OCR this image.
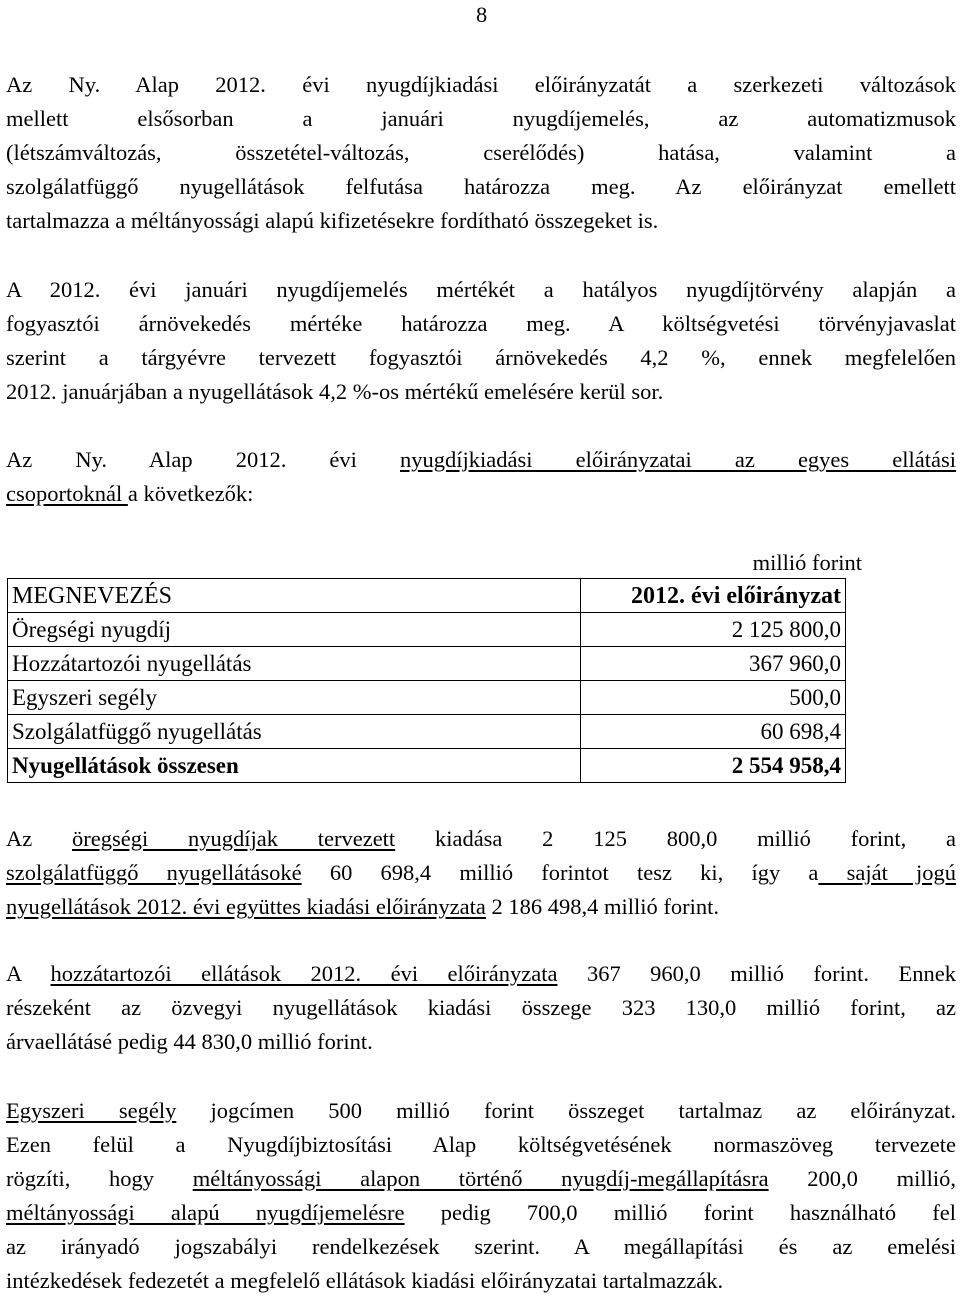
8
Az Ny. Alap 2012. évi nyugdíjkiadási előirányzatát a szerkezeti változások
mellett elsősorban a januári nyugdíjemelés, az automatizmusok
(létszámváltozás, összetétel-változás, cserélődés) hatása, valamint a
szolgálatfüggő nyugellátások felfutása határozza meg. Az előirányzat emellett
tartalmazza a méltányossági alapú kifizetésekre fordítható összegeket is.
A 2012. évi januári nyugdíjemelés mértékét a hatályos nyugdíjtörvény alapján a
fogyasztói árnövekedés mértéke határozza meg. A költségvetési törvényjavaslat
szerint a tárgyévre tervezett fogyasztói árnövekedés 4,2 %, ennek megfelelően
2012. januárjában a nyugellátások 4,2 %-os mértékű emelésére kerül sor.
Az Ny. Alap 2012. évi nyugdíjkiadási előirányzatai az egyes ellátási
csoportoknál a következők:
millió forint
MEGNEVEZÉS	2012. évi előirányzat
Öregségi nyugdíj	2 125 800,0
Hozzátartozói nyugellátás	367 960,0
Egyszeri segély	500,0
Szolgálatfüggő nyugellátás	60 698,4
Nyugellátások összesen	2 554 958,4
Az öregségi nyugdíjak tervezett kiadása 2 125 800,0 millió forint, a
szolgálatfüggő nyugellátásoké 60 698,4 millió forintot tesz ki, így a saját jogú
nyugellátások 2012. évi együttes kiadási előirányzata 2 186 498,4 millió forint.
A hozzátartozói ellátások 2012. évi előirányzata 367 960,0 millió forint. Ennek
részeként az özvegyi nyugellátások kiadási összege 323 130,0 millió forint, az
árvaellátásé pedig 44 830,0 millió forint.
Egyszeri segély jogcímen 500 millió forint összeget tartalmaz az előirányzat.
Ezen felül a Nyugdíjbiztosítási Alap költségvetésének normaszöveg tervezete
rögzíti, hogy méltányossági alapon történő nyugdíj-megállapításra 200,0 millió,
méltányossági alapú nyugdíjemelésre pedig 700,0 millió forint használható fel
az irányadó jogszabályi rendelkezések szerint. A megállapítási és az emelési
intézkedések fedezetét a megfelelő ellátások kiadási előirányzatai tartalmazzák.
